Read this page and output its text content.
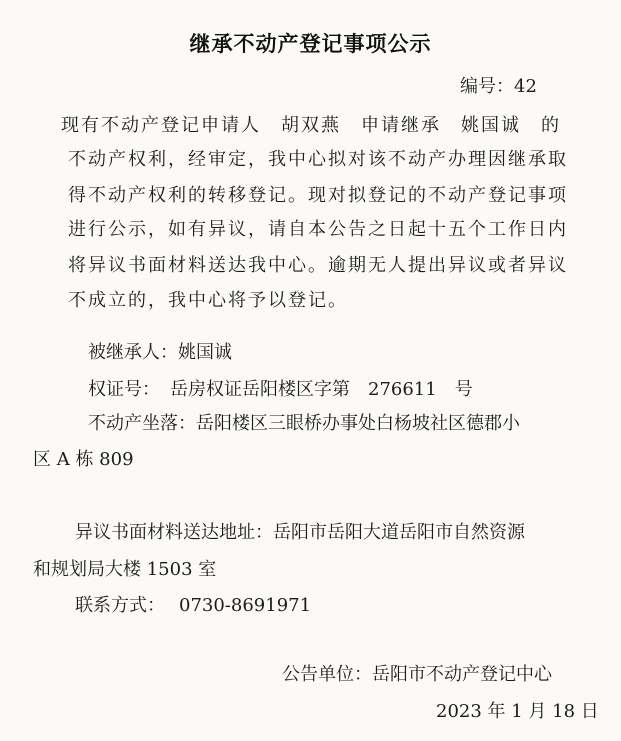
继承不动产登记事项公示
编号：42
现有不动产登记申请人　胡双燕　申请继承　姚国诚　的
不动产权利，经审定，我中心拟对该不动产办理因继承取
得不动产权利的转移登记。现对拟登记的不动产登记事项
进行公示，如有异议，请自本公告之日起十五个工作日内
将异议书面材料送达我中心。逾期无人提出异议或者异议
不成立的，我中心将予以登记。
被继承人：姚国诚
权证号： 岳房权证岳阳楼区字第　276611　号
不动产坐落：岳阳楼区三眼桥办事处白杨坡社区德郡小
区 A 栋 809
异议书面材料送达地址：岳阳市岳阳大道岳阳市自然资源
和规划局大楼 1503 室
联系方式： 0730-8691971
公告单位：岳阳市不动产登记中心
2023 年 1 月 18 日
